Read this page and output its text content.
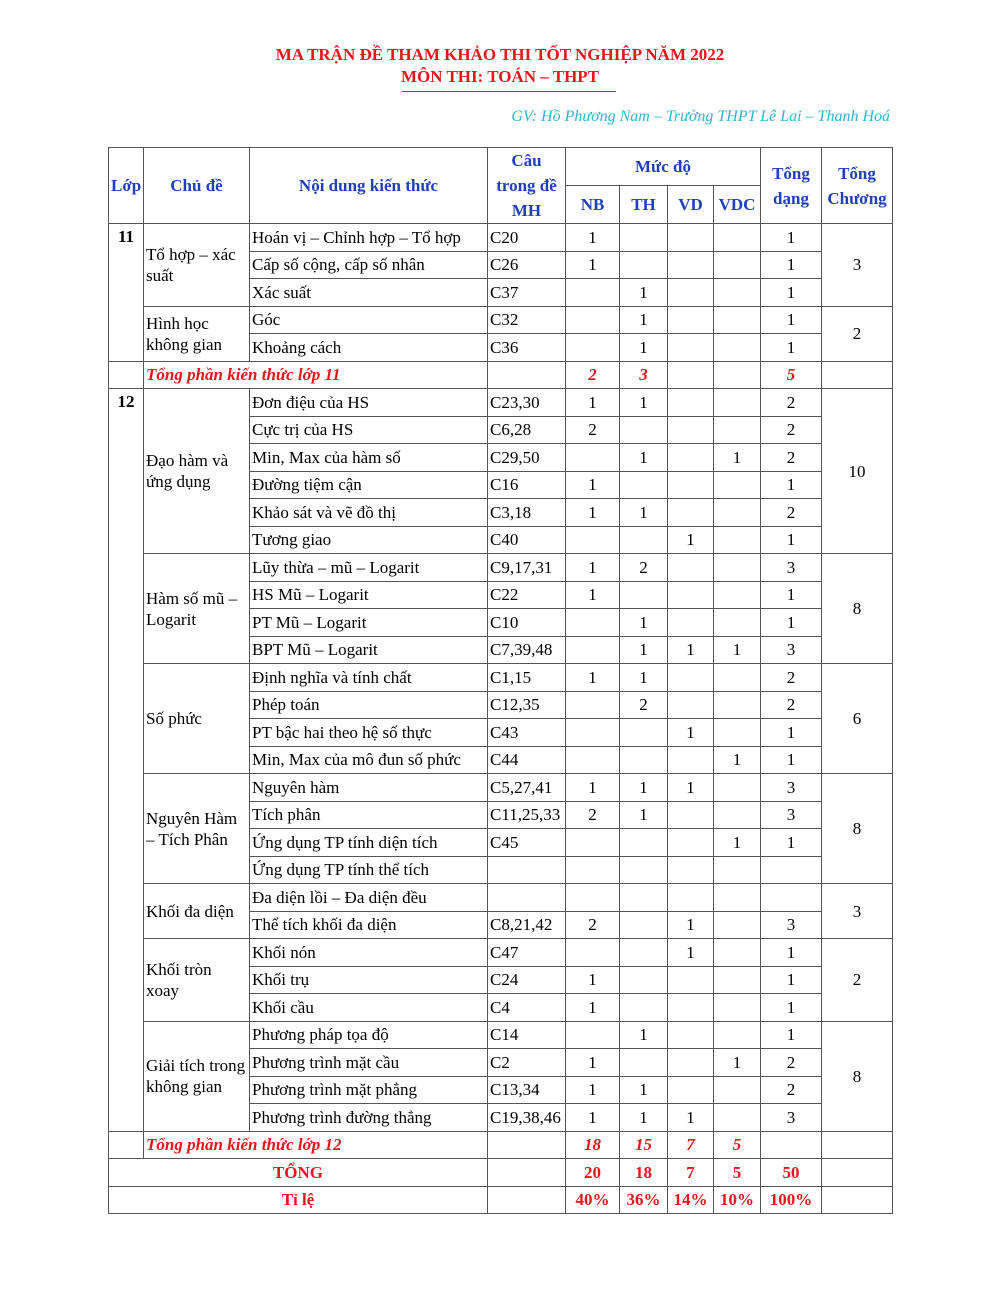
MA TRẬN ĐỀ THAM KHẢO THI TỐT NGHIỆP NĂM 2022
MÔN THI: TOÁN – THPT
GV: Hồ Phương Nam – Trường THPT Lê Lai – Thanh Hoá
Lớp	Chủ đề	Nội dung kiến thức	Câu trong đề MH	Mức độ				Tổng dạng	Tổng Chương
				NB	TH	VD	VDC		
11	Tổ hợp – xác suất	Hoán vị – Chỉnh hợp – Tổ hợp	C20	1				1	3
		Cấp số cộng, cấp số nhân	C26	1				1	
		Xác suất	C37		1			1	
	Hình học không gian	Góc	C32		1			1	2
		Khoảng cách	C36		1			1	
	Tổng phần kiến thức lớp 11			2	3			5	
12	Đạo hàm và ứng dụng	Đơn điệu của HS	C23,30	1	1			2	10
		Cực trị của HS	C6,28	2				2	
		Min, Max của hàm số	C29,50		1		1	2	
		Đường tiệm cận	C16	1				1	
		Khảo sát và vẽ đồ thị	C3,18	1	1			2	
		Tương giao	C40			1		1	
	Hàm số mũ – Logarit	Lũy thừa – mũ – Logarit	C9,17,31	1	2			3	8
		HS Mũ – Logarit	C22	1				1	
		PT Mũ – Logarit	C10		1			1	
		BPT Mũ – Logarit	C7,39,48		1	1	1	3	
	Số phức	Định nghĩa và tính chất	C1,15	1	1			2	6
		Phép toán	C12,35		2			2	
		PT bậc hai theo hệ số thực	C43			1		1	
		Min, Max của mô đun số phức	C44				1	1	
	Nguyên Hàm – Tích Phân	Nguyên hàm	C5,27,41	1	1	1		3	8
		Tích phân	C11,25,33	2	1			3	
		Ứng dụng TP tính diện tích	C45				1	1	
		Ứng dụng TP tính thể tích							
	Khối đa diện	Đa diện lồi – Đa diện đều							3
		Thể tích khối đa diện	C8,21,42	2		1		3	
	Khối tròn xoay	Khối nón	C47			1		1	2
		Khối trụ	C24	1				1	
		Khối cầu	C4	1				1	
	Giải tích trong không gian	Phương pháp tọa độ	C14		1			1	8
		Phương trình mặt cầu	C2	1			1	2	
		Phương trình mặt phẳng	C13,34	1	1			2	
		Phương trình đường thẳng	C19,38,46	1	1	1		3	
	Tổng phần kiến thức lớp 12			18	15	7	5		
TỔNG				20	18	7	5	50	
Tỉ lệ				40%	36%	14%	10%	100%	
